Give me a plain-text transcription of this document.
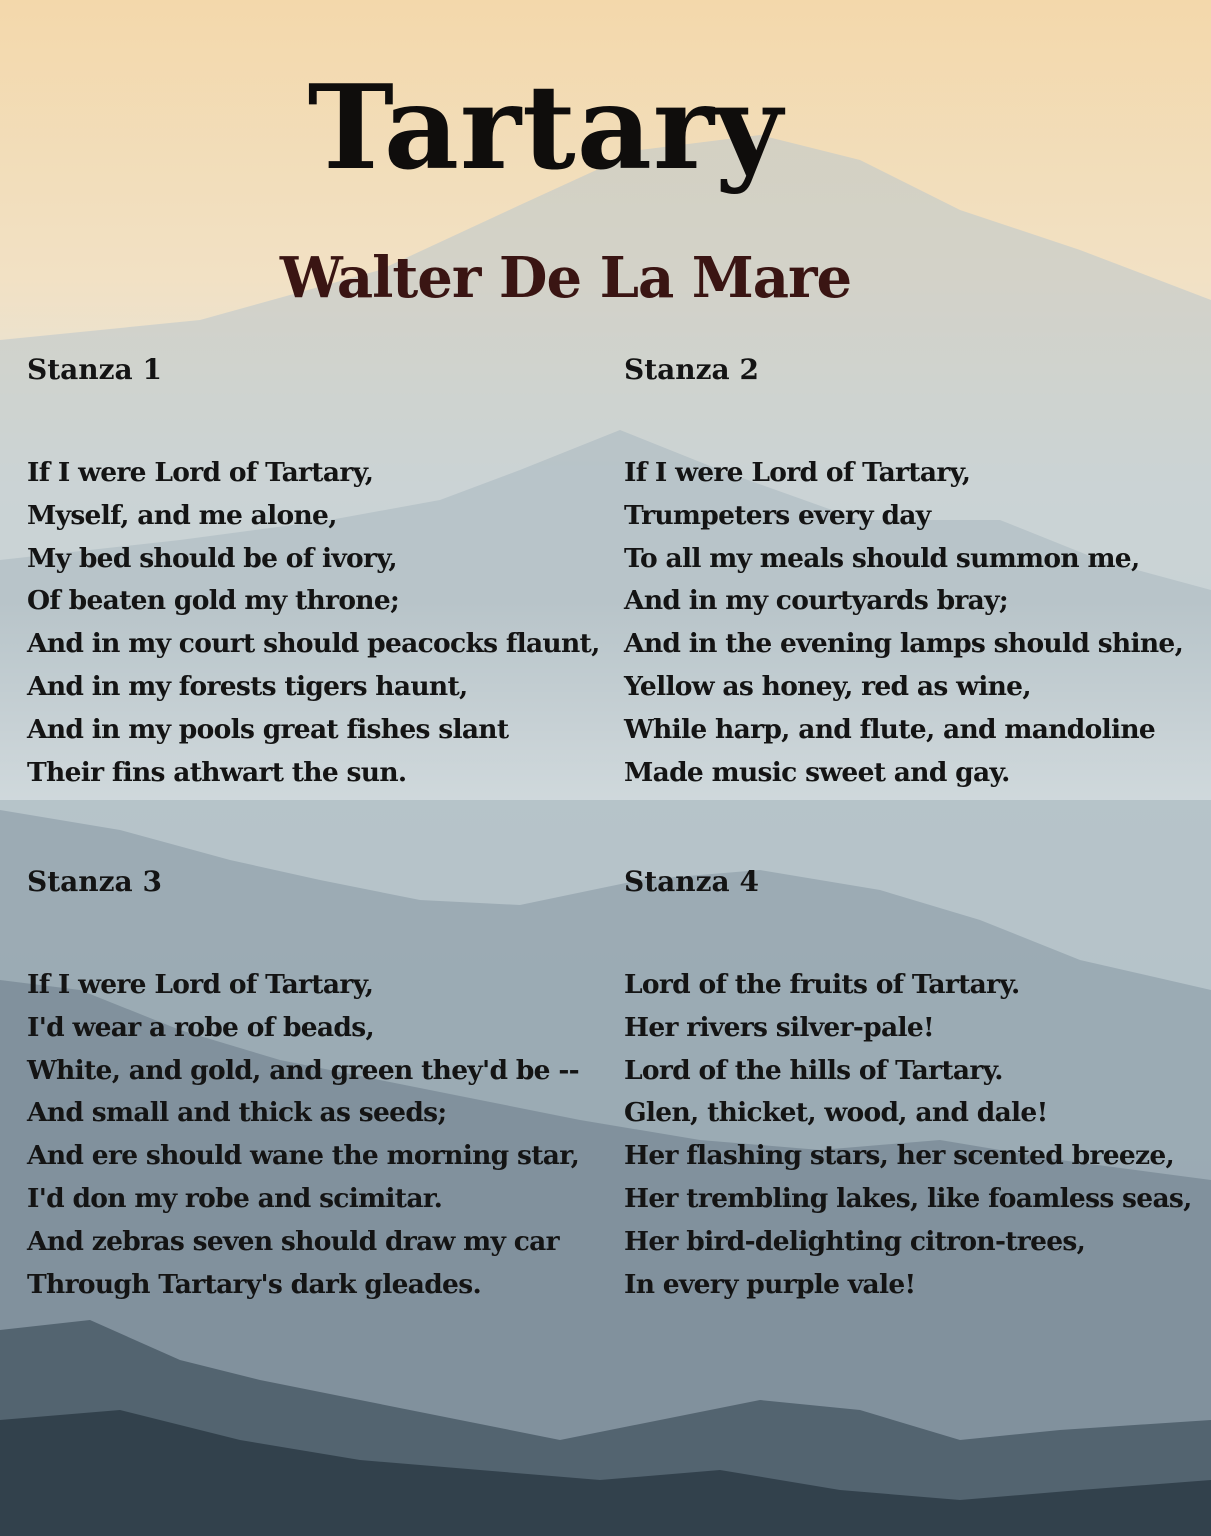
Tartary
Walter De La Mare
Stanza 1
If I were Lord of Tartary,
Myself, and me alone,
My bed should be of ivory,
Of beaten gold my throne;
And in my court should peacocks flaunt,
And in my forests tigers haunt,
And in my pools great fishes slant
Their fins athwart the sun.
Stanza 2
If I were Lord of Tartary,
Trumpeters every day
To all my meals should summon me,
And in my courtyards bray;
And in the evening lamps should shine,
Yellow as honey, red as wine,
While harp, and flute, and mandoline
Made music sweet and gay.
Stanza 3
If I were Lord of Tartary,
I'd wear a robe of beads,
White, and gold, and green they'd be --
And small and thick as seeds;
And ere should wane the morning star,
I'd don my robe and scimitar.
And zebras seven should draw my car
Through Tartary's dark gleades.
Stanza 4
Lord of the fruits of Tartary.
Her rivers silver-pale!
Lord of the hills of Tartary.
Glen, thicket, wood, and dale!
Her flashing stars, her scented breeze,
Her trembling lakes, like foamless seas,
Her bird-delighting citron-trees,
In every purple vale!
